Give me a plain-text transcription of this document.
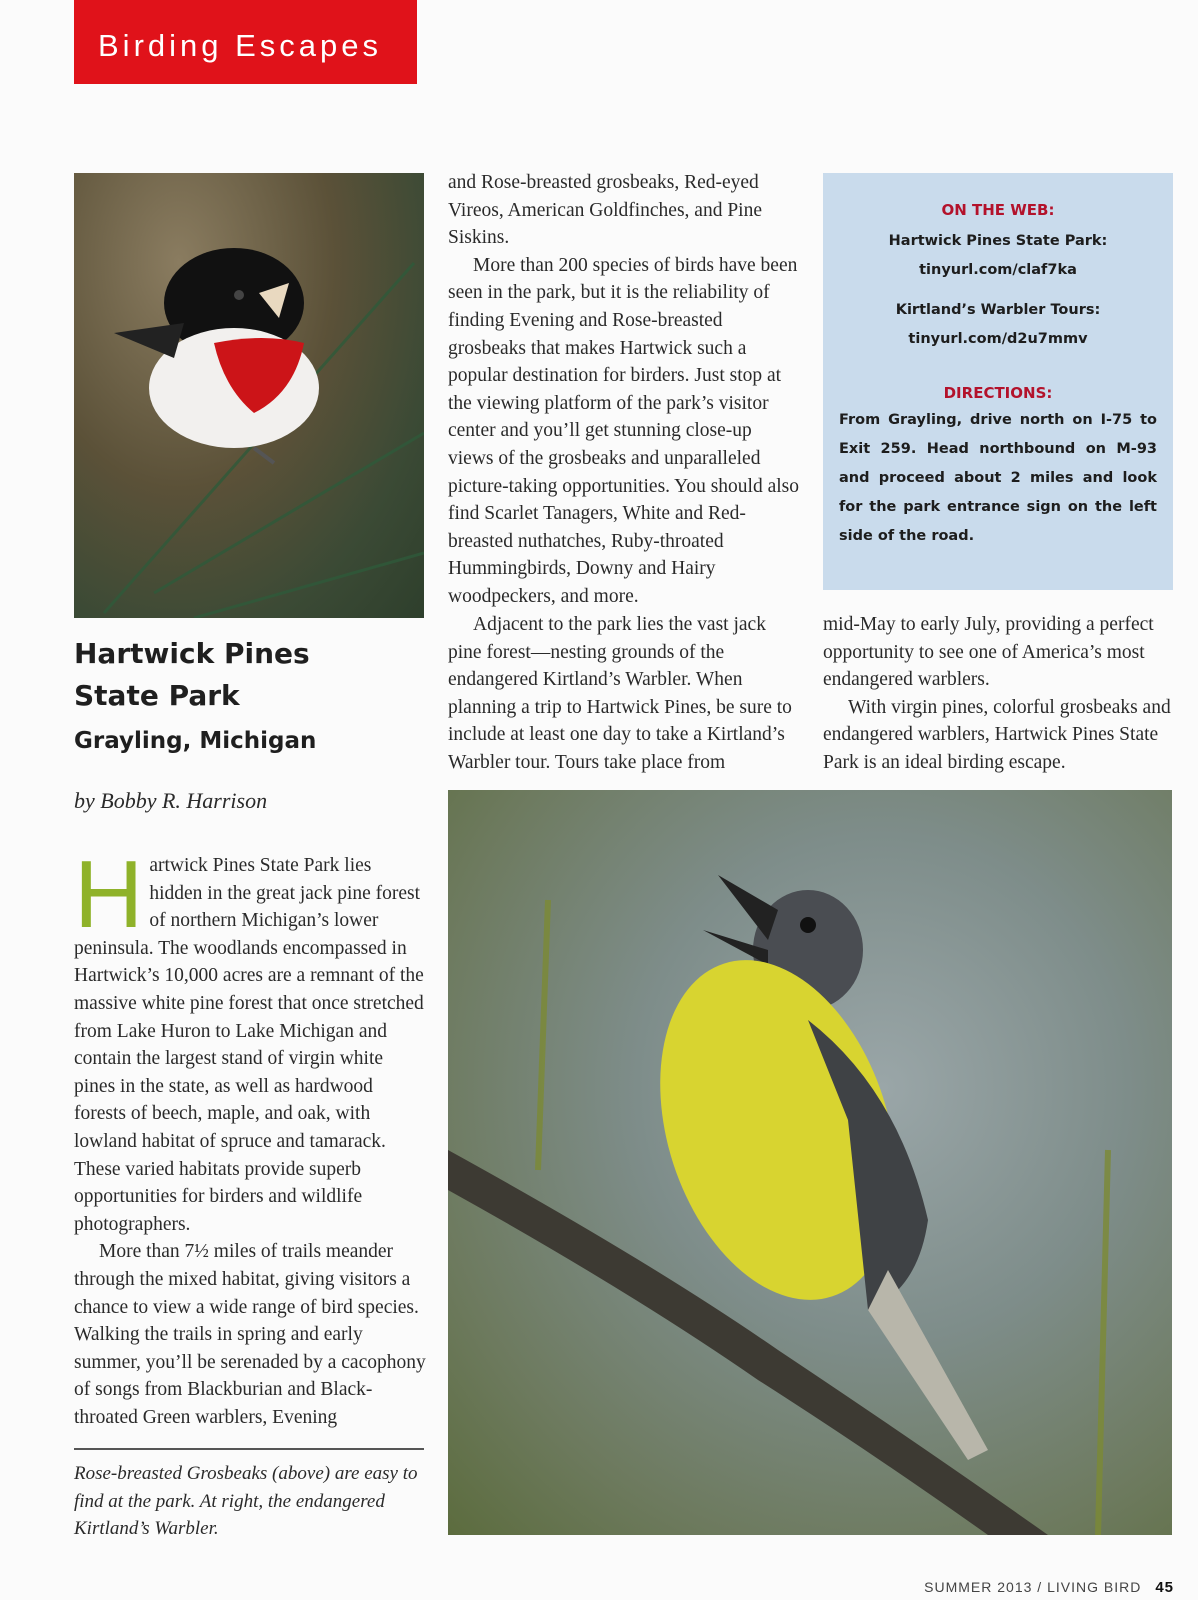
Birding Escapes
Hartwick Pines
State Park
Grayling, Michigan
by Bobby R. Harrison

Hartwick Pines State Park lies hidden in the great jack pine forest of northern Michigan’s lower peninsula. The woodlands encompassed in Hartwick’s 10,000 acres are a remnant of the massive white pine forest that once stretched from Lake Huron to Lake Michigan and contain the largest stand of virgin white pines in the state, as well as hardwood forests of beech, maple, and oak, with lowland habitat of spruce and tamarack. These varied habitats provide superb opportunities for birders and wildlife photographers.

More than 7½ miles of trails meander through the mixed habitat, giving visitors a chance to view a wide range of bird species. Walking the trails in spring and early summer, you’ll be serenaded by a cacophony of songs from Blackburian and Black-throated Green warblers, Evening

Rose-breasted Grosbeaks (above) are easy to find at the park. At right, the endangered Kirtland’s Warbler.

and Rose-breasted grosbeaks, Red-eyed Vireos, American Goldfinches, and Pine Siskins.

More than 200 species of birds have been seen in the park, but it is the reliability of finding Evening and Rose-breasted grosbeaks that makes Hartwick such a popular destination for birders. Just stop at the viewing platform of the park’s visitor center and you’ll get stunning close-up views of the grosbeaks and unparalleled picture-taking opportunities. You should also find Scarlet Tanagers, White and Red-breasted nuthatches, Ruby-throated Hummingbirds, Downy and Hairy woodpeckers, and more.

Adjacent to the park lies the vast jack pine forest—nesting grounds of the endangered Kirtland’s Warbler. When planning a trip to Hartwick Pines, be sure to include at least one day to take a Kirtland’s Warbler tour. Tours take place from

ON THE WEB:
Hartwick Pines State Park:
tinyurl.com/claf7ka
Kirtland’s Warbler Tours:
tinyurl.com/d2u7mmv
DIRECTIONS:
From Grayling, drive north on I-75 to Exit 259. Head northbound on M-93 and proceed about 2 miles and look for the park entrance sign on the left side of the road.

mid-May to early July, providing a perfect opportunity to see one of America’s most endangered warblers.

With virgin pines, colorful grosbeaks and endangered warblers, Hartwick Pines State Park is an ideal birding escape.

SUMMER 2013 / LIVING BIRD 45
